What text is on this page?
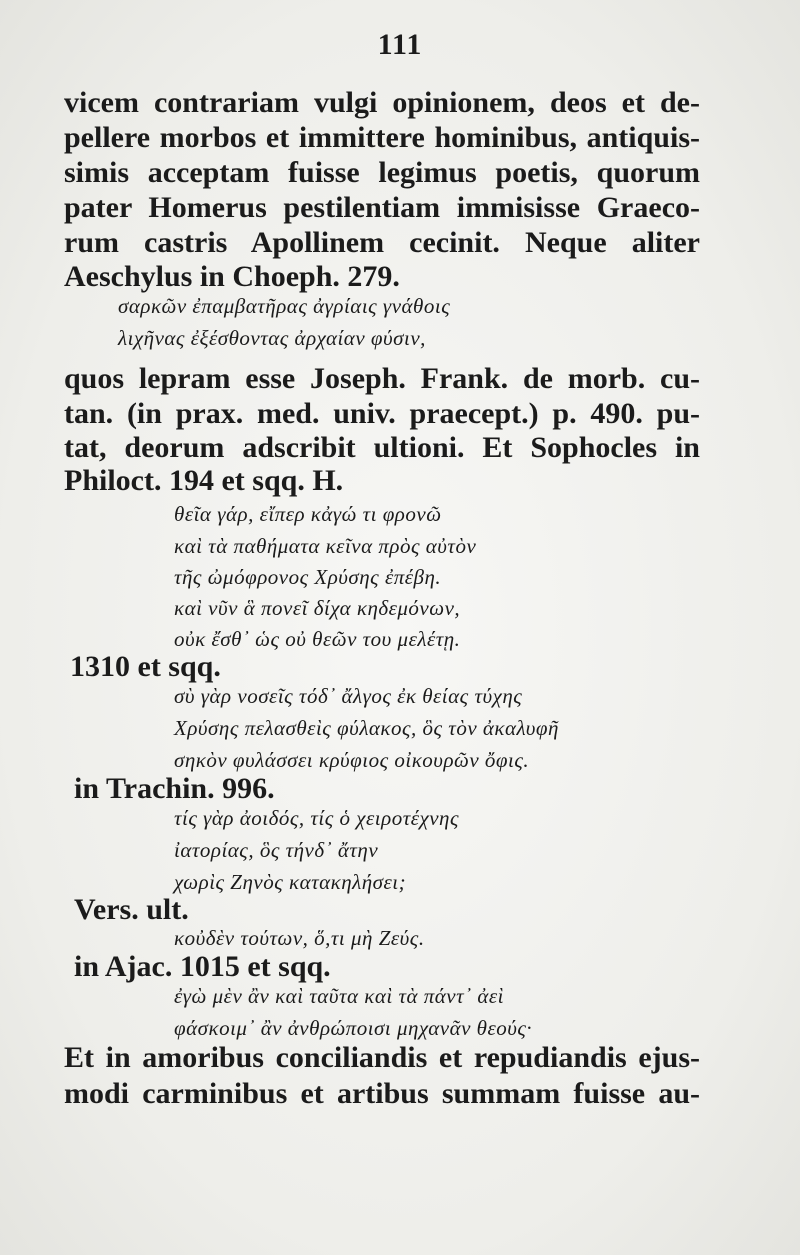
111
vicem contrariam vulgi opinionem, deos et de-
pellere morbos et immittere hominibus, antiquis-
simis acceptam fuisse legimus poetis, quorum
pater Homerus pestilentiam immisisse Graeco-
rum castris Apollinem cecinit. Neque aliter
Aeschylus in Choeph. 279.
σαρκῶν ἐπαμβατῆρας ἀγρίαις γνάθοις
λιχῆνας ἐξέσθοντας ἀρχαίαν φύσιν,
quos lepram esse Joseph. Frank. de morb. cu-
tan. (in prax. med. univ. praecept.) p. 490. pu-
tat, deorum adscribit ultioni. Et Sophocles in
Philoct. 194 et sqq. H.
θεῖα γάρ, εἴπερ κἀγώ τι φρονῶ
καὶ τὰ παθήματα κεῖνα πρὸς αὐτὸν
τῆς ὠμόφρονος Χρύσης ἐπέβη.
καὶ νῦν ἃ πονεῖ δίχα κηδεμόνων,
οὐκ ἔσθ᾽ ὡς οὐ θεῶν του μελέτῃ.
1310 et sqq.
σὺ γὰρ νοσεῖς τόδ᾽ ἄλγος ἐκ θείας τύχης
Χρύσης πελασθεὶς φύλακος, ὃς τὸν ἀκαλυφῆ
σηκὸν φυλάσσει κρύφιος οἰκουρῶν ὄφις.
in Trachin. 996.
τίς γὰρ ἀοιδός, τίς ὁ χειροτέχνης
ἰατορίας, ὃς τήνδ᾽ ἄτην
χωρὶς Ζηνὸς κατακηλήσει;
Vers. ult.
κοὐδὲν τούτων, ὅ,τι μὴ Ζεύς.
in Ajac. 1015 et sqq.
ἐγὼ μὲν ἂν καὶ ταῦτα καὶ τὰ πάντ᾽ ἀεὶ
φάσκοιμ᾽ ἂν ἀνθρώποισι μηχανᾶν θεούς·
Et in amoribus conciliandis et repudiandis ejus-
modi carminibus et artibus summam fuisse au-
